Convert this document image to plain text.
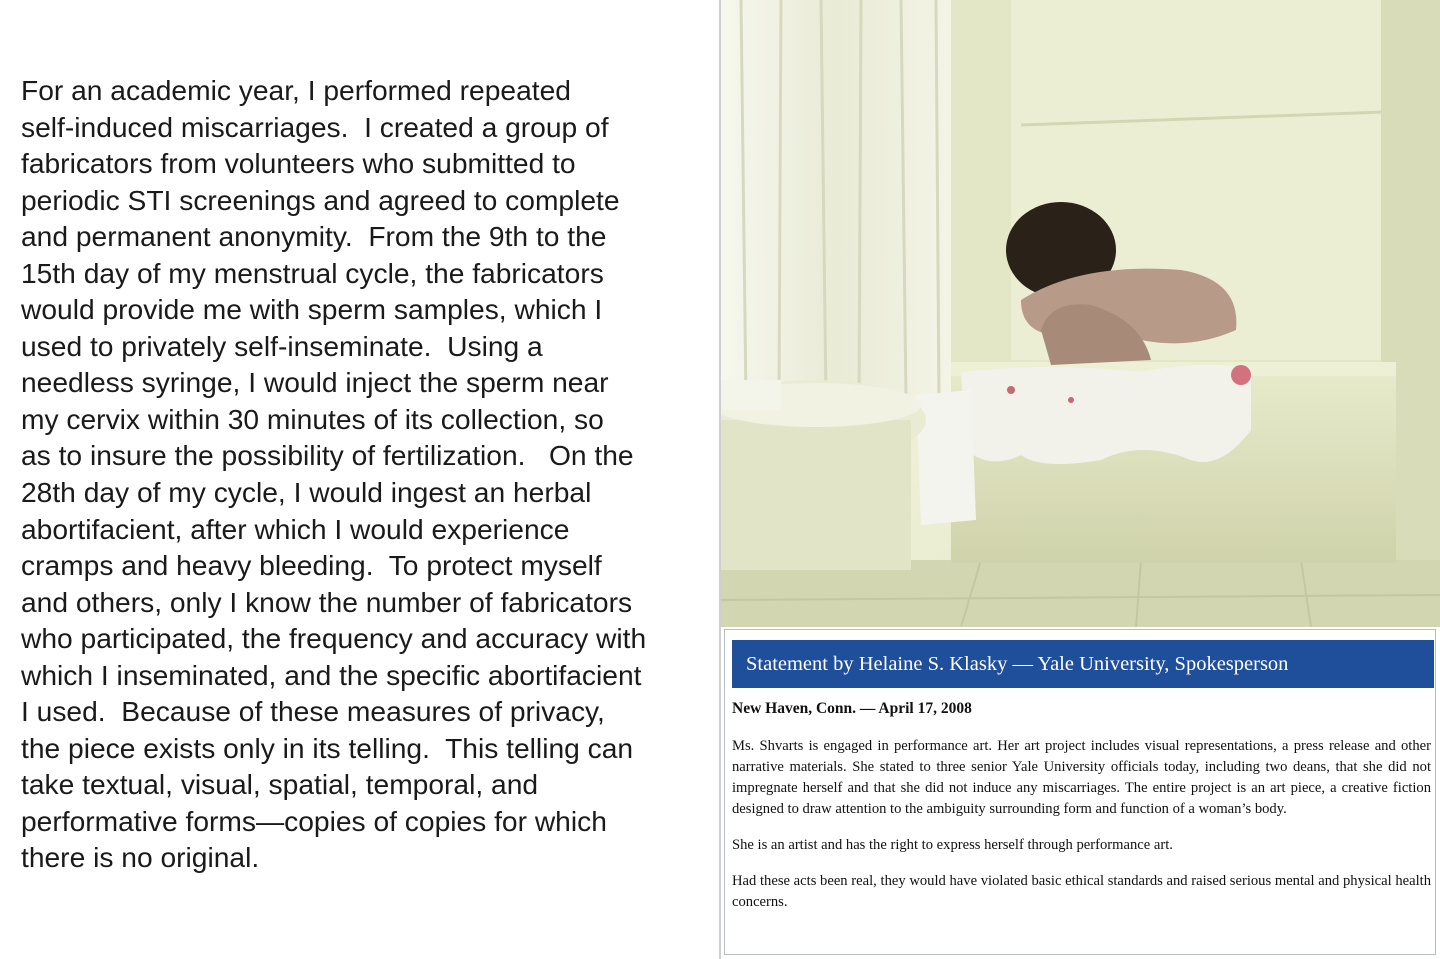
For an academic year, I performed repeated
self-induced miscarriages.  I created a group of
fabricators from volunteers who submitted to
periodic STI screenings and agreed to complete
and permanent anonymity.  From the 9th to the
15th day of my menstrual cycle, the fabricators
would provide me with sperm samples, which I
used to privately self-inseminate.  Using a
needless syringe, I would inject the sperm near
my cervix within 30 minutes of its collection, so
as to insure the possibility of fertilization.   On the
28th day of my cycle, I would ingest an herbal
abortifacient, after which I would experience
cramps and heavy bleeding.  To protect myself
and others, only I know the number of fabricators
who participated, the frequency and accuracy with
which I inseminated, and the specific abortifacient
I used.  Because of these measures of privacy,
the piece exists only in its telling.  This telling can
take textual, visual, spatial, temporal, and
performative forms—copies of copies for which
there is no original.

Statement by Helaine S. Klasky — Yale University, Spokesperson

New Haven, Conn. — April 17, 2008

Ms. Shvarts is engaged in performance art. Her art project includes visual representations, a press release and other narrative materials. She stated to three senior Yale University officials today, including two deans, that she did not impregnate herself and that she did not induce any miscarriages. The entire project is an art piece, a creative fiction designed to draw attention to the ambiguity surrounding form and function of a woman’s body.

She is an artist and has the right to express herself through performance art.

Had these acts been real, they would have violated basic ethical standards and raised serious mental and physical health concerns.
